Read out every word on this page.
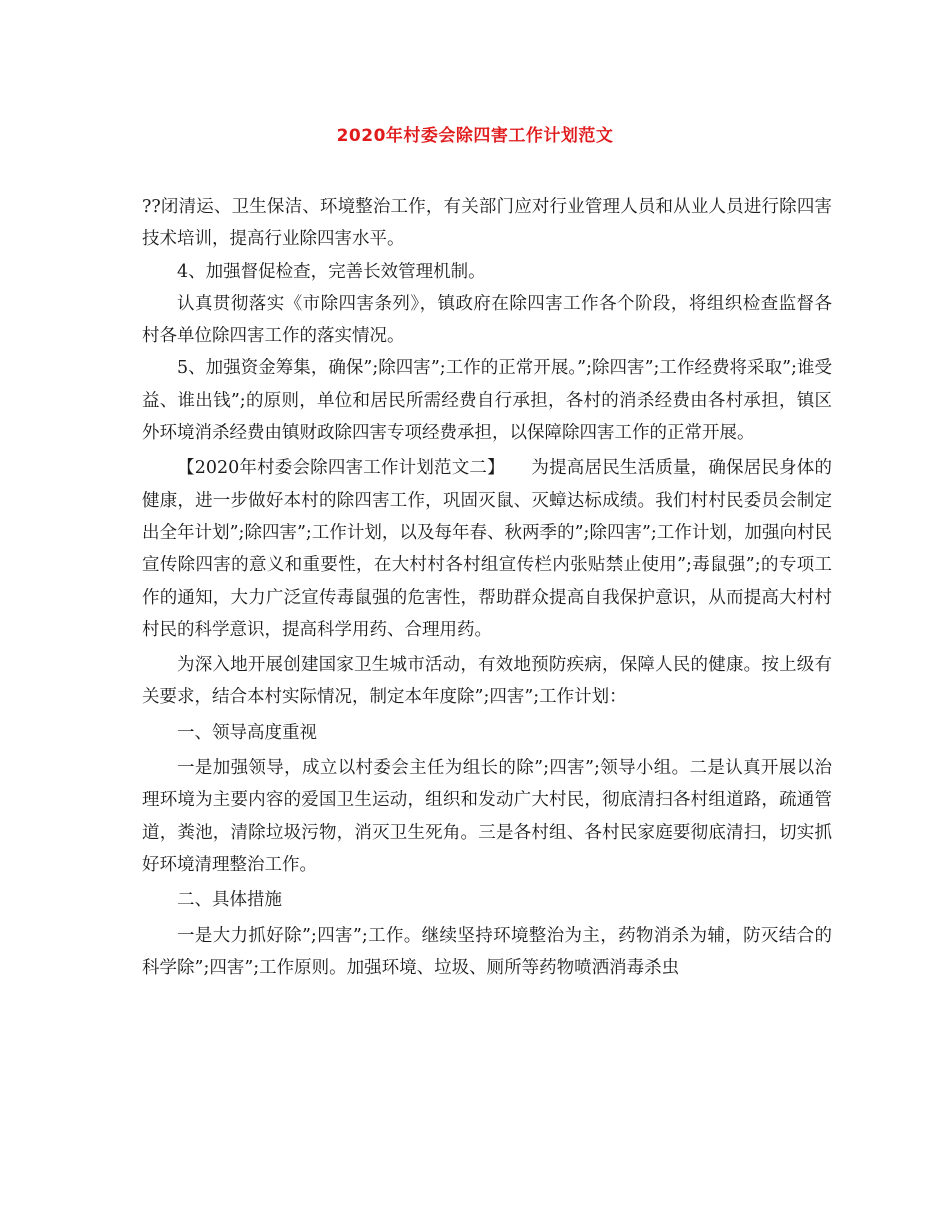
2020年村委会除四害工作计划范文

??闭清运、卫生保洁、环境整治工作，有关部门应对行业管理人员和从业人员进行除四害技术培训，提高行业除四害水平。

4、加强督促检查，完善长效管理机制。

认真贯彻落实《市除四害条列》，镇政府在除四害工作各个阶段，将组织检查监督各村各单位除四害工作的落实情况。

5、加强资金筹集，确保”;除四害”;工作的正常开展。”;除四害”;工作经费将采取”;谁受益、谁出钱”;的原则，单位和居民所需经费自行承担，各村的消杀经费由各村承担，镇区外环境消杀经费由镇财政除四害专项经费承担，以保障除四害工作的正常开展。

【2020年村委会除四害工作计划范文二】　　为提高居民生活质量，确保居民身体的健康，进一步做好本村的除四害工作，巩固灭鼠、灭蟑达标成绩。我们村村民委员会制定出全年计划”;除四害”;工作计划，以及每年春、秋两季的”;除四害”;工作计划，加强向村民宣传除四害的意义和重要性，在大村村各村组宣传栏内张贴禁止使用”;毒鼠强”;的专项工作的通知，大力广泛宣传毒鼠强的危害性，帮助群众提高自我保护意识，从而提高大村村村民的科学意识，提高科学用药、合理用药。

为深入地开展创建国家卫生城市活动，有效地预防疾病，保障人民的健康。按上级有关要求，结合本村实际情况，制定本年度除”;四害”;工作计划：

一、领导高度重视

一是加强领导，成立以村委会主任为组长的除”;四害”;领导小组。二是认真开展以治理环境为主要内容的爱国卫生运动，组织和发动广大村民，彻底清扫各村组道路，疏通管道，粪池，清除垃圾污物，消灭卫生死角。三是各村组、各村民家庭要彻底清扫，切实抓好环境清理整治工作。

二、具体措施

一是大力抓好除”;四害”;工作。继续坚持环境整治为主，药物消杀为辅，防灭结合的科学除”;四害”;工作原则。加强环境、垃圾、厕所等药物喷洒消毒杀虫
